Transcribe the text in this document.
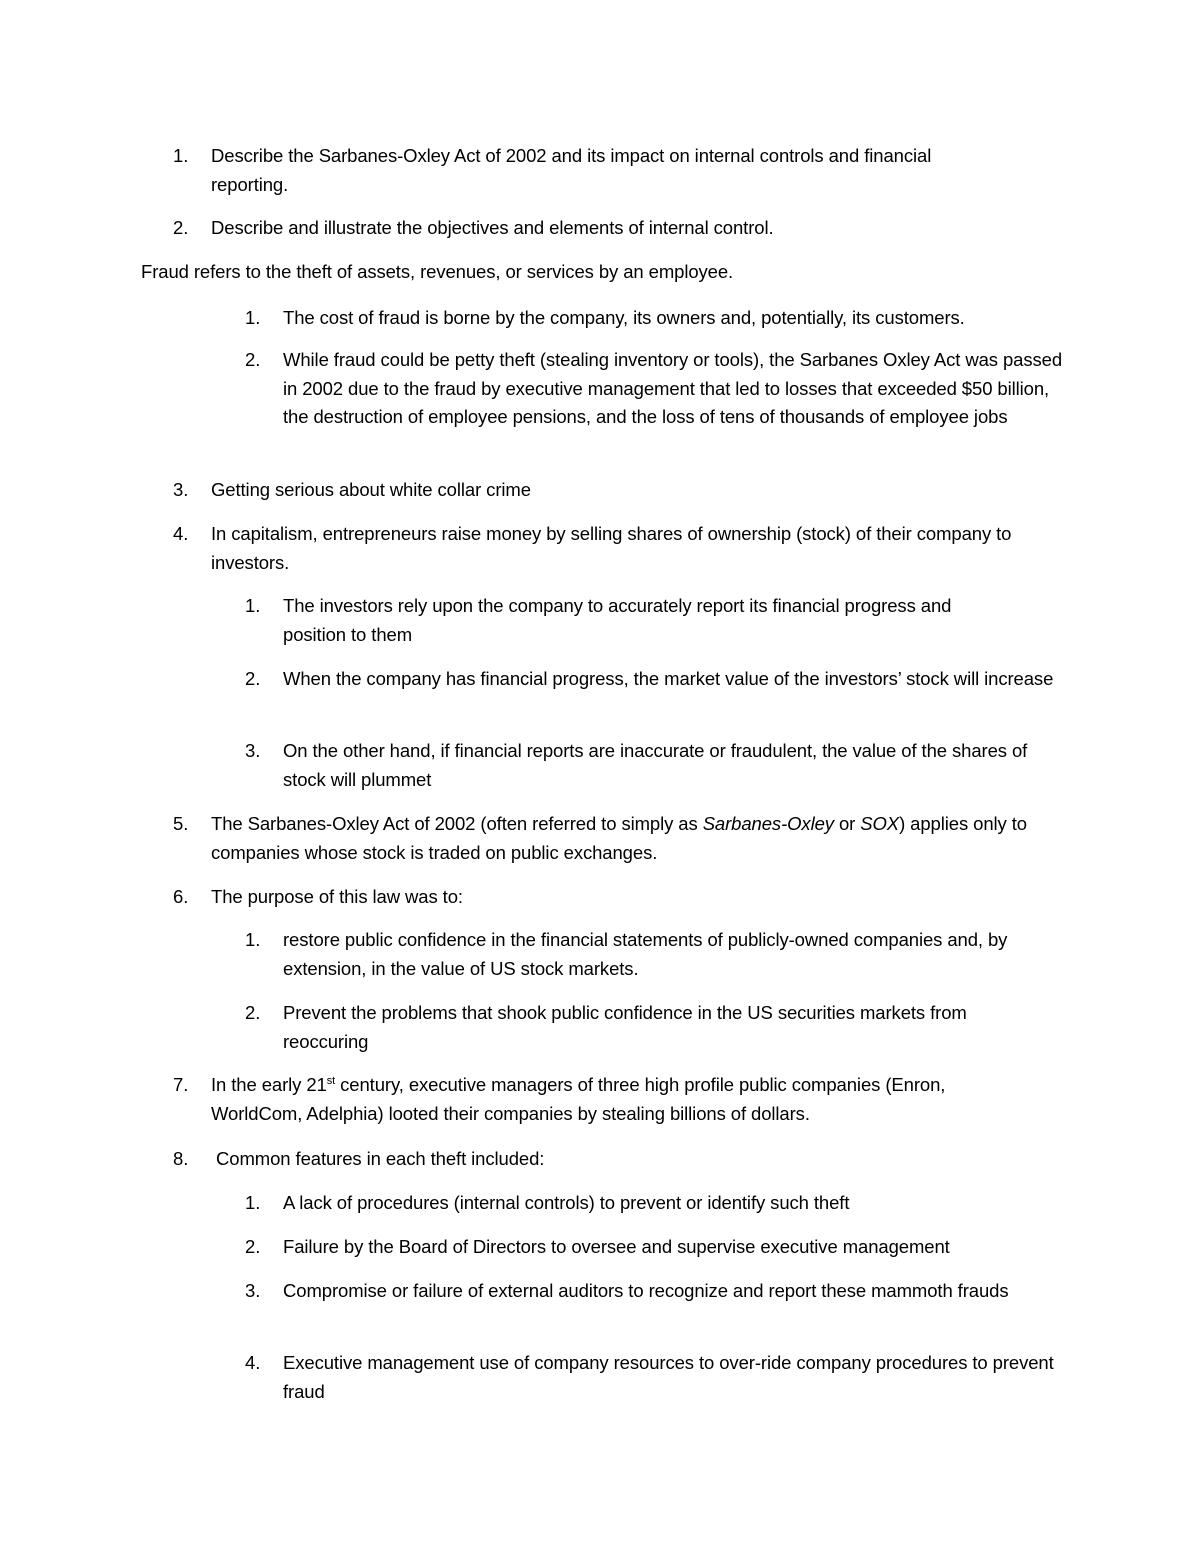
1.	Describe the Sarbanes-Oxley Act of 2002 and its impact on internal controls and financial reporting.
2.	Describe and illustrate the objectives and elements of internal control.
Fraud refers to the theft of assets, revenues, or services by an employee.
1.	The cost of fraud is borne by the company, its owners and, potentially, its customers.
2.	While fraud could be petty theft (stealing inventory or tools), the Sarbanes Oxley Act was passed in 2002 due to the fraud by executive management that led to losses that exceeded $50 billion, the destruction of employee pensions, and the loss of tens of thousands of employee jobs
3.	Getting serious about white collar crime
4.	In capitalism, entrepreneurs raise money by selling shares of ownership (stock) of their company to investors.
1.	The investors rely upon the company to accurately report its financial progress and position to them
2.	When the company has financial progress, the market value of the investors’ stock will increase
3.	On the other hand, if financial reports are inaccurate or fraudulent, the value of the shares of stock will plummet
5.	The Sarbanes-Oxley Act of 2002 (often referred to simply as Sarbanes-Oxley or SOX) applies only to companies whose stock is traded on public exchanges.
6.	The purpose of this law was to:
1.	restore public confidence in the financial statements of publicly-owned companies and, by extension, in the value of US stock markets.
2.	Prevent the problems that shook public confidence in the US securities markets from reoccuring
7.	In the early 21st century, executive managers of three high profile public companies (Enron, WorldCom, Adelphia) looted their companies by stealing billions of dollars.
8.	Common features in each theft included:
1.	A lack of procedures (internal controls) to prevent or identify such theft
2.	Failure by the Board of Directors to oversee and supervise executive management
3.	Compromise or failure of external auditors to recognize and report these mammoth frauds
4.	Executive management use of company resources to over-ride company procedures to prevent fraud
